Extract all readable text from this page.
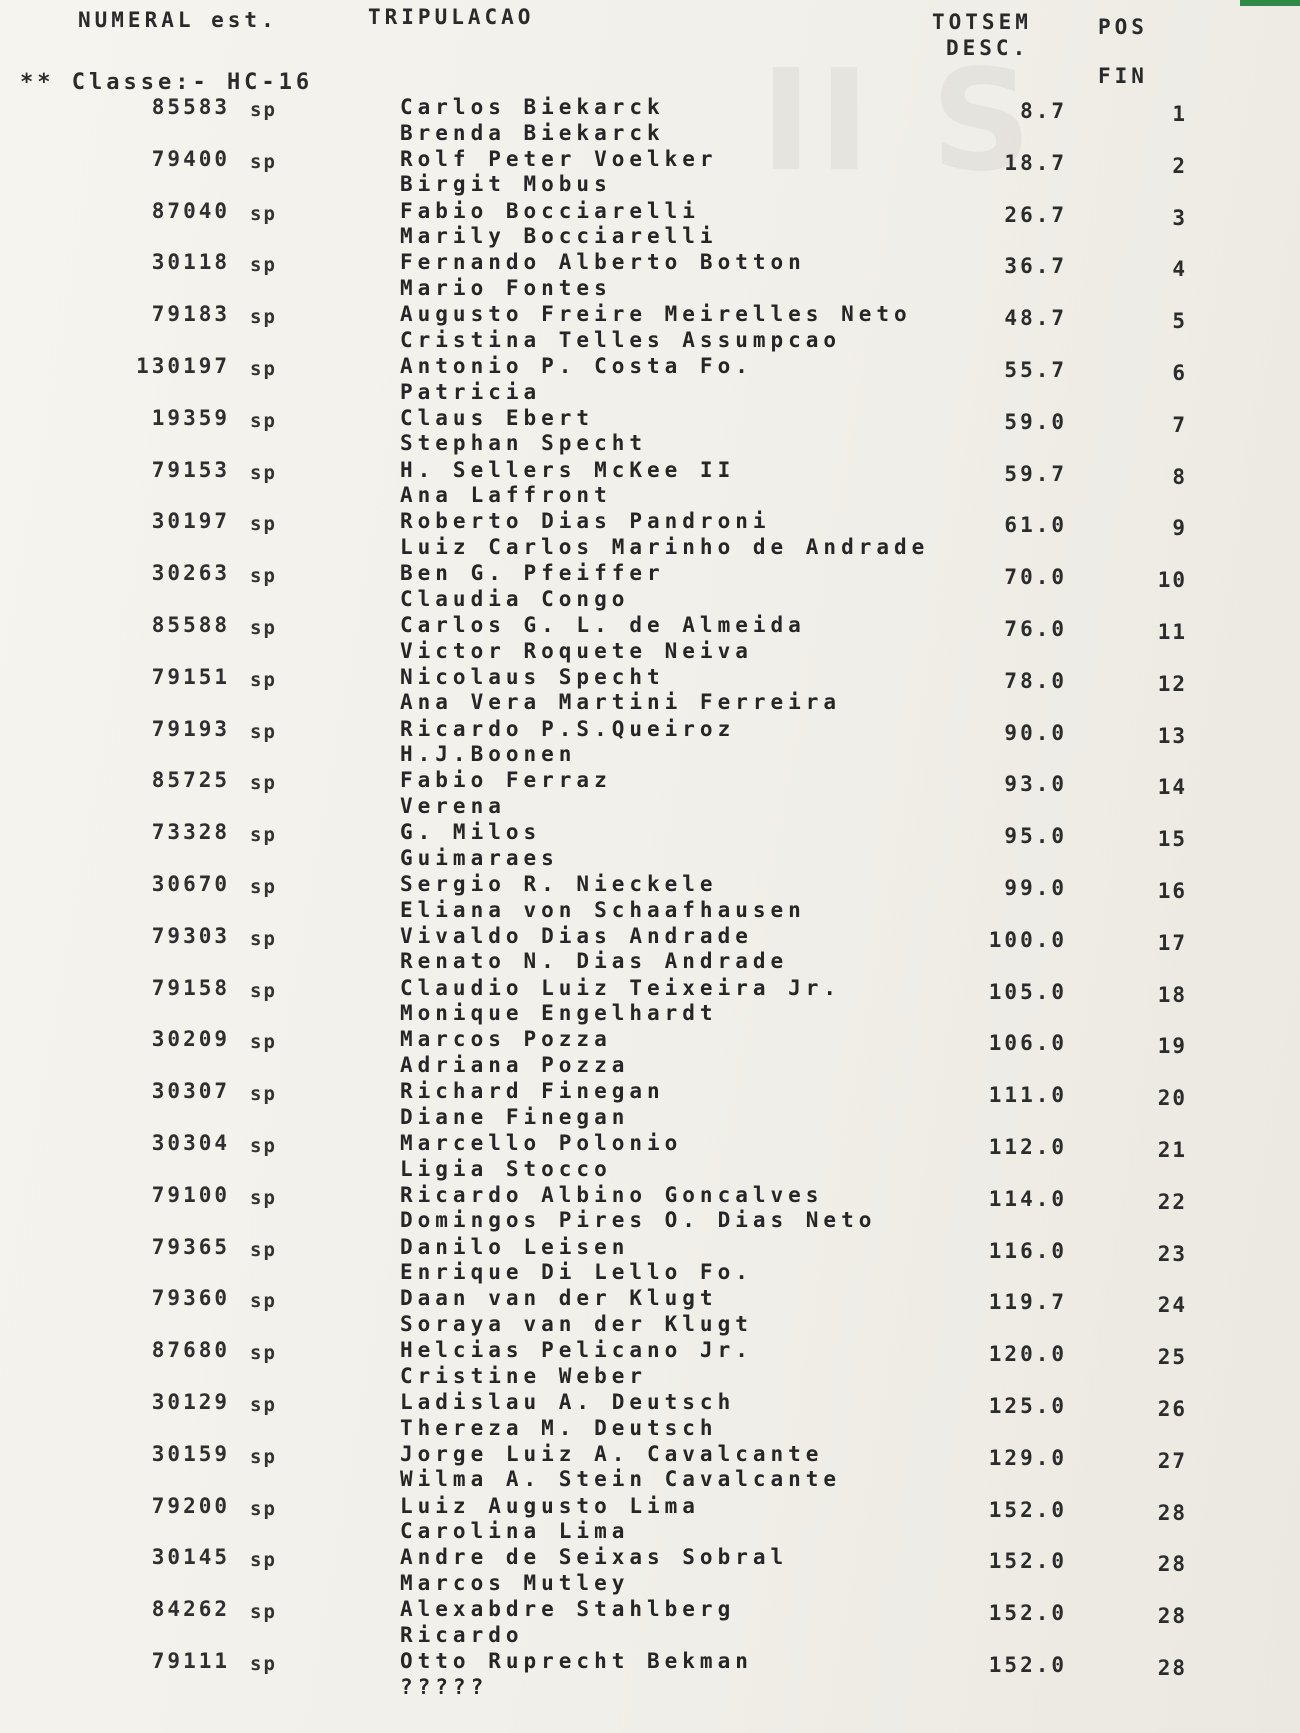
NUMERAL est.	TRIPULACAO	TOTSEM
DESC.
POS
FIN
** Classe:- HC-16
85583 sp	Carlos Biekarck
Brenda Biekarck
8.7	1
79400 sp	Rolf Peter Voelker
Birgit Mobus
18.7	2
87040 sp	Fabio Bocciarelli
Marily Bocciarelli
26.7	3
30118 sp	Fernando Alberto Botton
Mario Fontes
36.7	4
79183 sp	Augusto Freire Meirelles Neto
Cristina Telles Assumpcao
48.7	5
130197 sp	Antonio P. Costa Fo.
Patricia
55.7	6
19359 sp	Claus Ebert
Stephan Specht
59.0	7
79153 sp	H. Sellers McKee II
Ana Laffront
59.7	8
30197 sp	Roberto Dias Pandroni
Luiz Carlos Marinho de Andrade
61.0	9
30263 sp	Ben G. Pfeiffer
Claudia Congo
70.0	10
85588 sp	Carlos G. L. de Almeida
Victor Roquete Neiva
76.0	11
79151 sp	Nicolaus Specht
Ana Vera Martini Ferreira
78.0	12
79193 sp	Ricardo P.S.Queiroz
H.J.Boonen
90.0	13
85725 sp	Fabio Ferraz
Verena
93.0	14
73328 sp	G. Milos
Guimaraes
95.0	15
30670 sp	Sergio R. Nieckele
Eliana von Schaafhausen
99.0	16
79303 sp	Vivaldo Dias Andrade
Renato N. Dias Andrade
100.0	17
79158 sp	Claudio Luiz Teixeira Jr.
Monique Engelhardt
105.0	18
30209 sp	Marcos Pozza
Adriana Pozza
106.0	19
30307 sp	Richard Finegan
Diane Finegan
111.0	20
30304 sp	Marcello Polonio
Ligia Stocco
112.0	21
79100 sp	Ricardo Albino Goncalves
Domingos Pires O. Dias Neto
114.0	22
79365 sp	Danilo Leisen
Enrique Di Lello Fo.
116.0	23
79360 sp	Daan van der Klugt
Soraya van der Klugt
119.7	24
87680 sp	Helcias Pelicano Jr.
Cristine Weber
120.0	25
30129 sp	Ladislau A. Deutsch
Thereza M. Deutsch
125.0	26
30159 sp	Jorge Luiz A. Cavalcante
Wilma A. Stein Cavalcante
129.0	27
79200 sp	Luiz Augusto Lima
Carolina Lima
152.0	28
30145 sp	Andre de Seixas Sobral
Marcos Mutley
152.0	28
84262 sp	Alexabdre Stahlberg
Ricardo
152.0	28
79111 sp	Otto Ruprecht Bekman
?????
152.0	28
